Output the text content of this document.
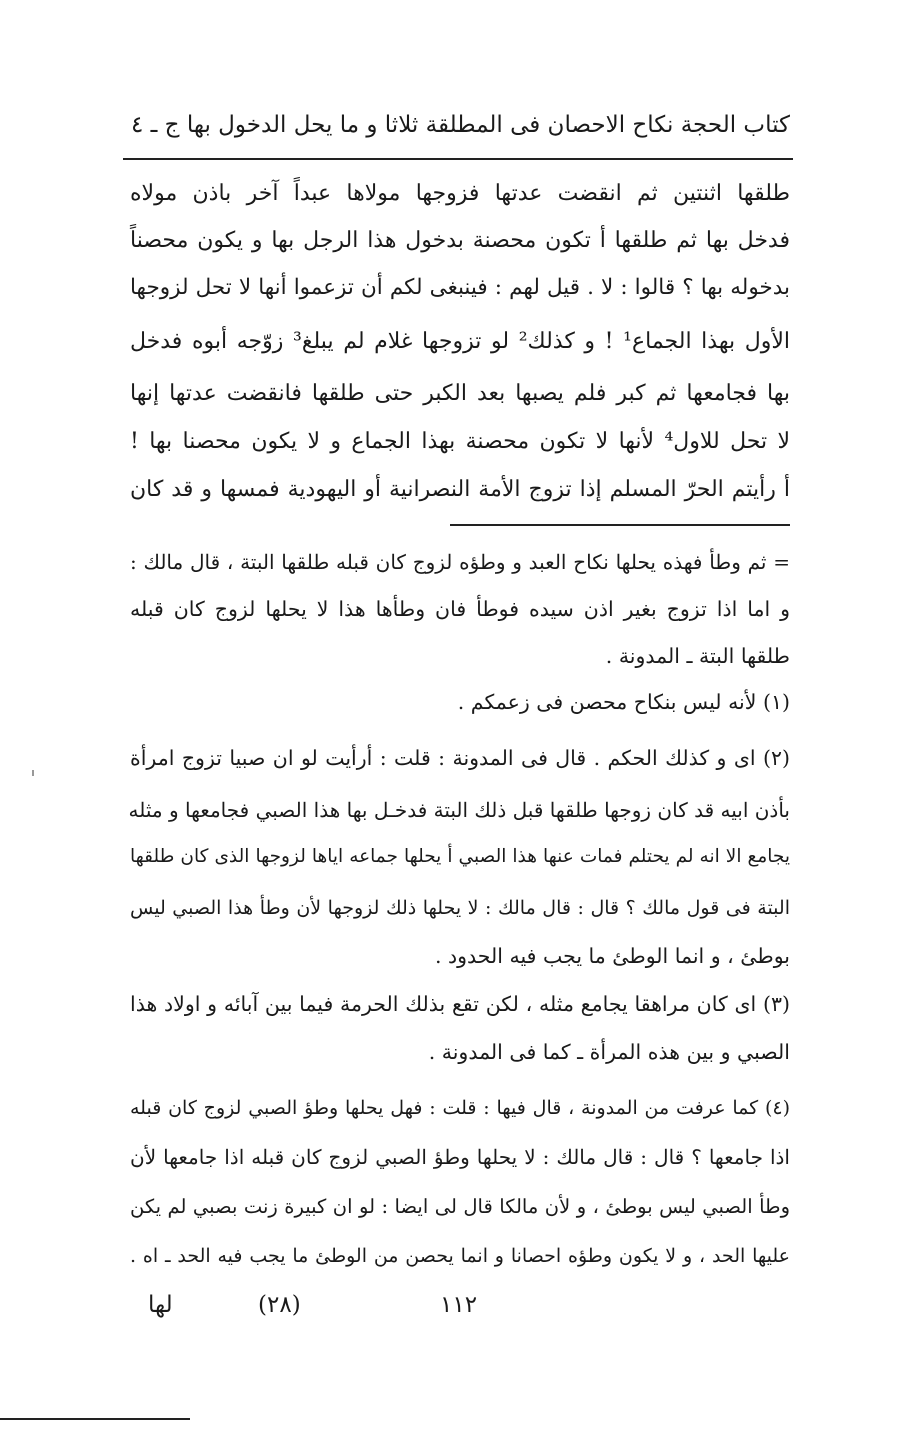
كتاب الحجة نكاح الاحصان فى المطلقة ثلاثا و ما يحل الدخول بها ج ـ ٤
طلقها اثنتين ثم انقضت عدتها فزوجها مولاها عبداً آخر باذن مولاه
فدخل بها ثم طلقها أ تكون محصنة بدخول هذا الرجل بها و يكون محصناً
بدخوله بها ؟ قالوا : لا . قيل لهم : فينبغى لكم أن تزعموا أنها لا تحل لزوجها
الأول بهذا الجماع¹ ! و كذلك² لو تزوجها غلام لم يبلغ³ زوّجه أبوه فدخل
بها فجامعها ثم كبر فلم يصبها بعد الكبر حتى طلقها فانقضت عدتها إنها
لا تحل للاول⁴ لأنها لا تكون محصنة بهذا الجماع و لا يكون محصنا بها !
أ رأيتم الحرّ المسلم إذا تزوج الأمة النصرانية أو اليهودية فمسها و قد كان
= ثم وطأ فهذه يحلها نكاح العبد و وطؤه لزوج كان قبله طلقها البتة ، قال مالك :
و اما اذا تزوج بغير اذن سيده فوطأ فان وطأها هذا لا يحلها لزوج كان قبله
طلقها البتة ـ المدونة .
(١) لأنه ليس بنكاح محصن فى زعمكم .
(٢) اى و كذلك الحكم . قال فى المدونة : قلت : أرأيت لو ان صبيا تزوج امرأة
بأذن ابيه قد كان زوجها طلقها قبل ذلك البتة فدخـل بها هذا الصبي فجامعها و مثله
يجامع الا انه لم يحتلم فمات عنها هذا الصبي أ يحلها جماعه اياها لزوجها الذى كان طلقها
البتة فى قول مالك ؟ قال : قال مالك : لا يحلها ذلك لزوجها لأن وطأ هذا الصبي ليس
بوطئ ، و انما الوطئ ما يجب فيه الحدود .
(٣) اى كان مراهقا يجامع مثله ، لكن تقع بذلك الحرمة فيما بين آبائه و اولاد هذا
الصبي و بين هذه المرأة ـ كما فى المدونة .
(٤) كما عرفت من المدونة ، قال فيها : قلت : فهل يحلها وطؤ الصبي لزوج كان قبله
اذا جامعها ؟ قال : قال مالك : لا يحلها وطؤ الصبي لزوج كان قبله اذا جامعها لأن
وطأ الصبي ليس بوطئ ، و لأن مالكا قال لى ايضا : لو ان كبيرة زنت بصبي لم يكن
عليها الحد ، و لا يكون وطؤه احصانا و انما يحصن من الوطئ ما يجب فيه الحد ـ اه .
لها	(٢٨)	١١٢
